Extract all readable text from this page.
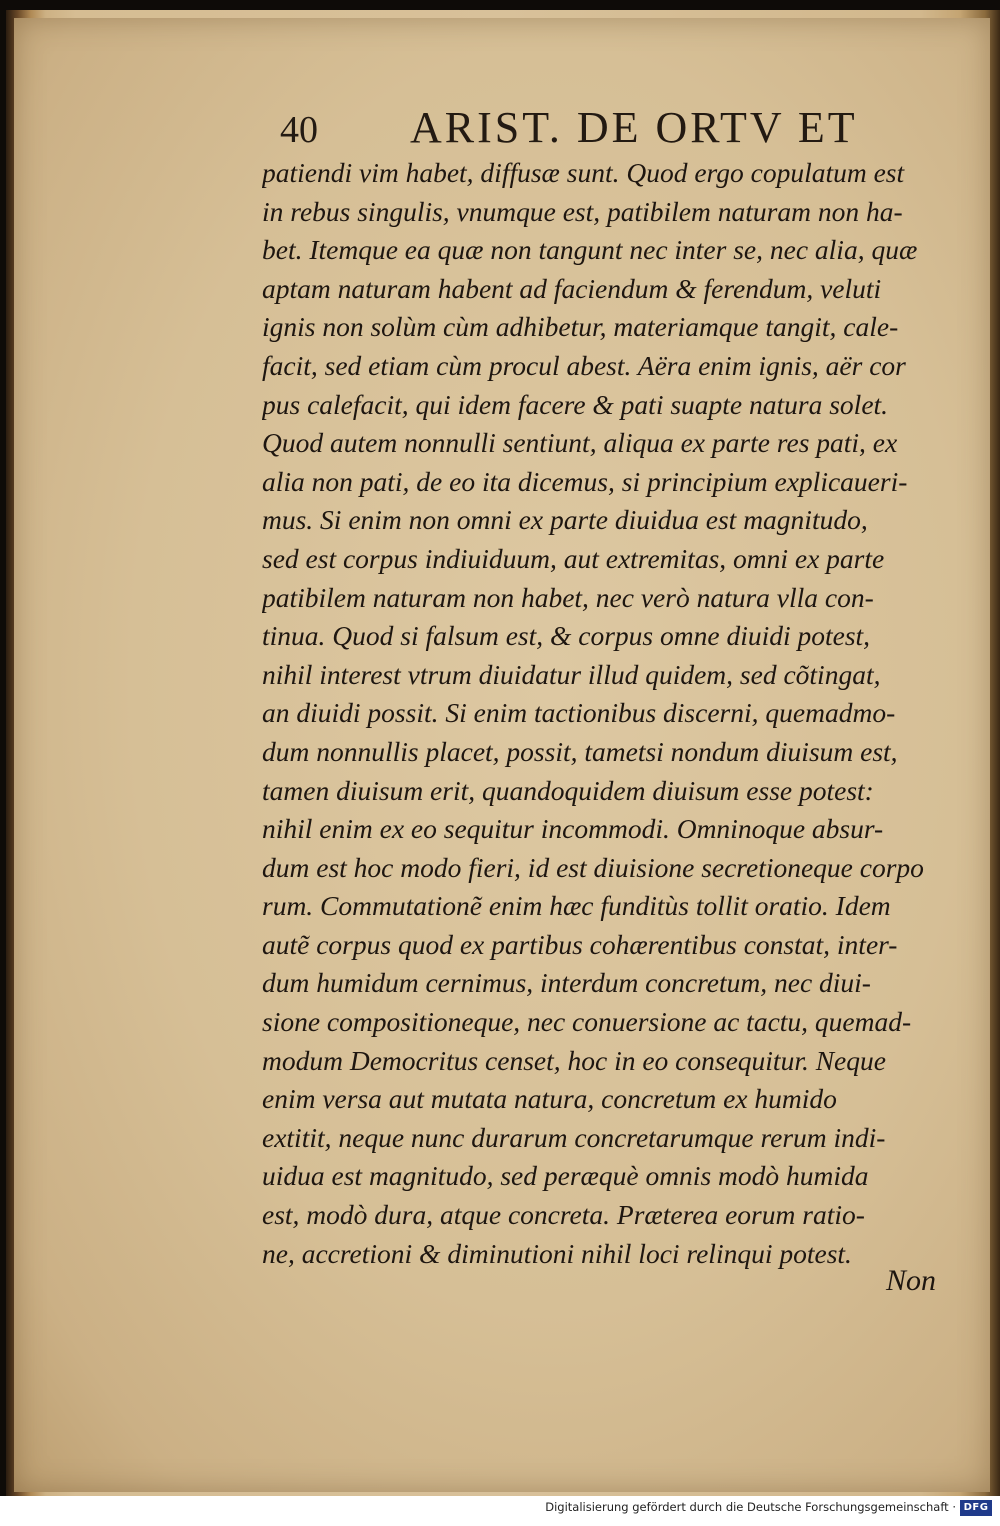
40 ARIST. DE ORTV ET
patiendi vim habet, diffusæ sunt. Quod ergo copulatum est
in rebus singulis, vnumque est, patibilem naturam non ha-
bet. Itemque ea quæ non tangunt nec inter se, nec alia, quæ
aptam naturam habent ad faciendum & ferendum, veluti
ignis non solùm cùm adhibetur, materiamque tangit, cale-
facit, sed etiam cùm procul abest. Aëra enim ignis, aër cor
pus calefacit, qui idem facere & pati suapte natura solet.
Quod autem nonnulli sentiunt, aliqua ex parte res pati, ex
alia non pati, de eo ita dicemus, si principium explicaueri-
mus. Si enim non omni ex parte diuidua est magnitudo,
sed est corpus indiuiduum, aut extremitas, omni ex parte
patibilem naturam non habet, nec verò natura vlla con-
tinua. Quod si falsum est, & corpus omne diuidi potest,
nihil interest vtrum diuidatur illud quidem, sed cõtingat,
an diuidi possit. Si enim tactionibus discerni, quemadmo-
dum nonnullis placet, possit, tametsi nondum diuisum est,
tamen diuisum erit, quandoquidem diuisum esse potest:
nihil enim ex eo sequitur incommodi. Omninoque absur-
dum est hoc modo fieri, id est diuisione secretioneque corpo
rum. Commutationẽ enim hæc funditùs tollit oratio. Idem
autẽ corpus quod ex partibus cohærentibus constat, inter-
dum humidum cernimus, interdum concretum, nec diui-
sione compositioneque, nec conuersione ac tactu, quemad-
modum Democritus censet, hoc in eo consequitur. Neque
enim versa aut mutata natura, concretum ex humido
extitit, neque nunc durarum concretarumque rerum indi-
uidua est magnitudo, sed peræquè omnis modò humida
est, modò dura, atque concreta. Præterea eorum ratio-
ne, accretioni & diminutioni nihil loci relinqui potest.
Non
Digitalisierung gefördert durch die Deutsche Forschungsgemeinschaft · DFG
